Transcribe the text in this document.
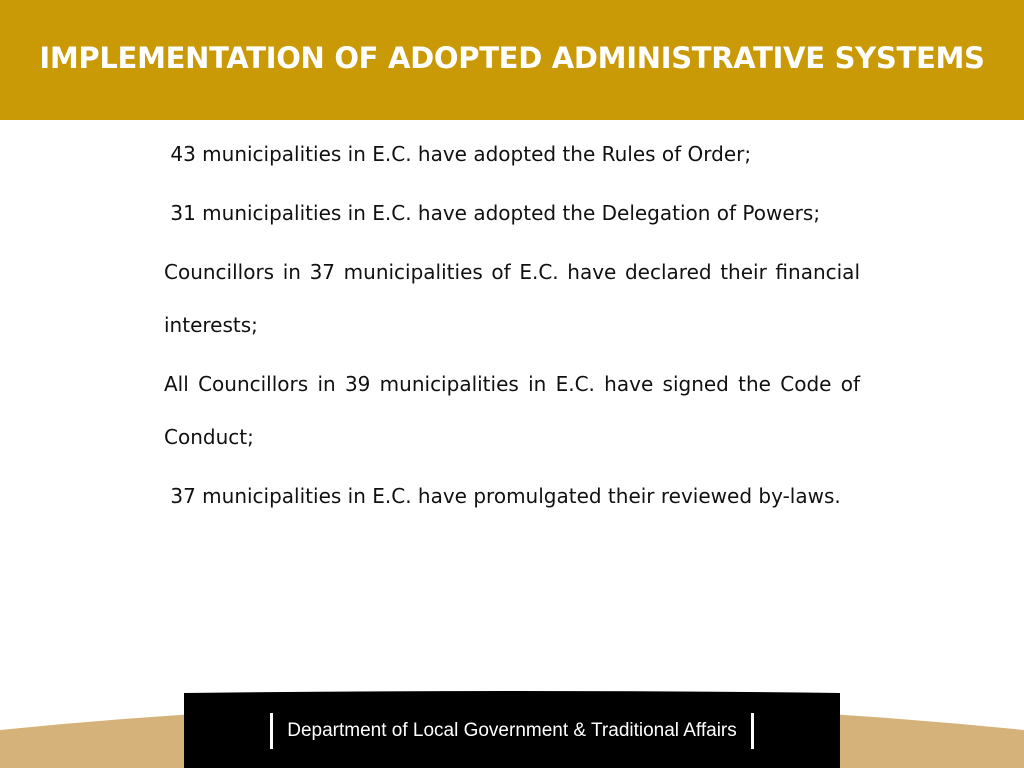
IMPLEMENTATION OF ADOPTED ADMINISTRATIVE SYSTEMS

43 municipalities in E.C. have adopted the Rules of Order;

31 municipalities in E.C. have adopted the Delegation of Powers;

Councillors in 37 municipalities of E.C. have declared their financial interests;

All Councillors in 39 municipalities in E.C. have signed the Code of Conduct;

37 municipalities in E.C. have promulgated their reviewed by-laws.

Department of Local Government & Traditional Affairs
